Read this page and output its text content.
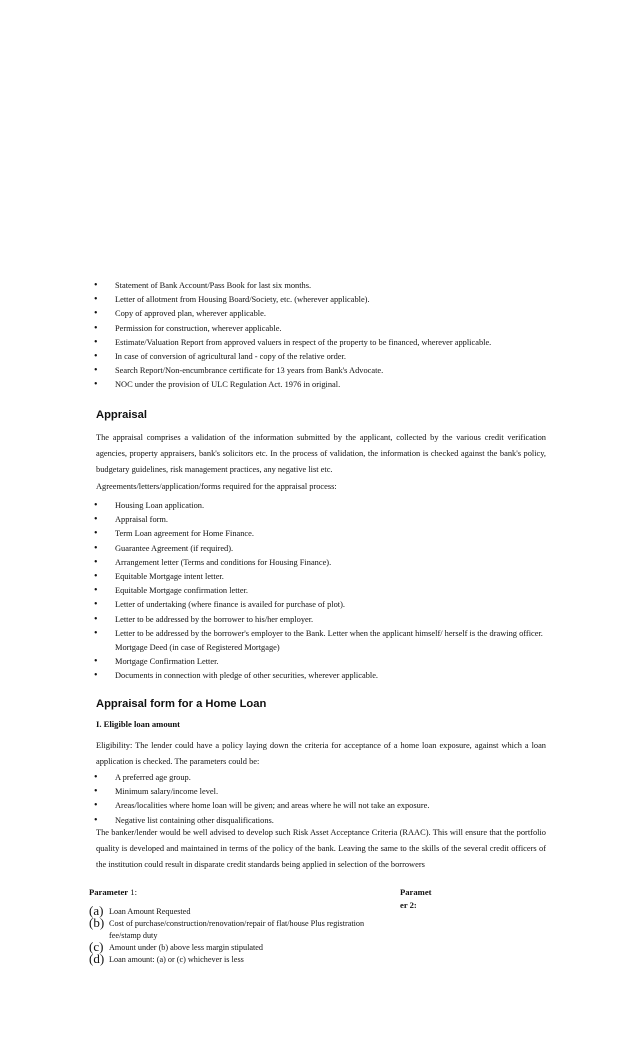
• Statement of Bank Account/Pass Book for last six months.
• Letter of allotment from Housing Board/Society, etc. (wherever applicable).
• Copy of approved plan, wherever applicable.
• Permission for construction, wherever applicable.
• Estimate/Valuation Report from approved valuers in respect of the property to be financed, wherever applicable.
• In case of conversion of agricultural land - copy of the relative order.
• Search Report/Non-encumbrance certificate for 13 years from Bank's Advocate.
• NOC under the provision of ULC Regulation Act. 1976 in original.
Appraisal

The appraisal comprises a validation of the information submitted by the applicant, collected by the various credit verification agencies, property appraisers, bank's solicitors etc. In the process of validation, the information is checked against the bank's policy, budgetary guidelines, risk management practices, any negative list etc.

Agreements/letters/application/forms required for the appraisal process:

• Housing Loan application.
• Appraisal form.
• Term Loan agreement for Home Finance.
• Guarantee Agreement (if required).
• Arrangement letter (Terms and conditions for Housing Finance).
• Equitable Mortgage intent letter.
• Equitable Mortgage confirmation letter.
• Letter of undertaking (where finance is availed for purchase of plot).
• Letter to be addressed by the borrower to his/her employer.
• Letter to be addressed by the borrower's employer to the Bank. Letter when the applicant himself/ herself is the drawing officer. Mortgage Deed (in case of Registered Mortgage)
• Mortgage Confirmation Letter.
• Documents in connection with pledge of other securities, wherever applicable.
Appraisal form for a Home Loan
I. Eligible loan amount

Eligibility: The lender could have a policy laying down the criteria for acceptance of a home loan exposure, against which a loan application is checked. The parameters could be:

• A preferred age group.
• Minimum salary/income level.
• Areas/localities where home loan will be given; and areas where he will not take an exposure.
• Negative list containing other disqualifications.

The banker/lender would be well advised to develop such Risk Asset Acceptance Criteria (RAAC). This will ensure that the portfolio quality is developed and maintained in terms of the policy of the bank. Leaving the same to the skills of the several credit officers of the institution could result in disparate credit standards being applied in selection of the borrowers

Parameter 1:	Paramet
er 2:
(a) Loan Amount Requested
(b) Cost of purchase/construction/renovation/repair of flat/house Plus registration fee/stamp duty
(c) Amount under (b) above less margin stipulated
(d) Loan amount: (a) or (c) whichever is less
